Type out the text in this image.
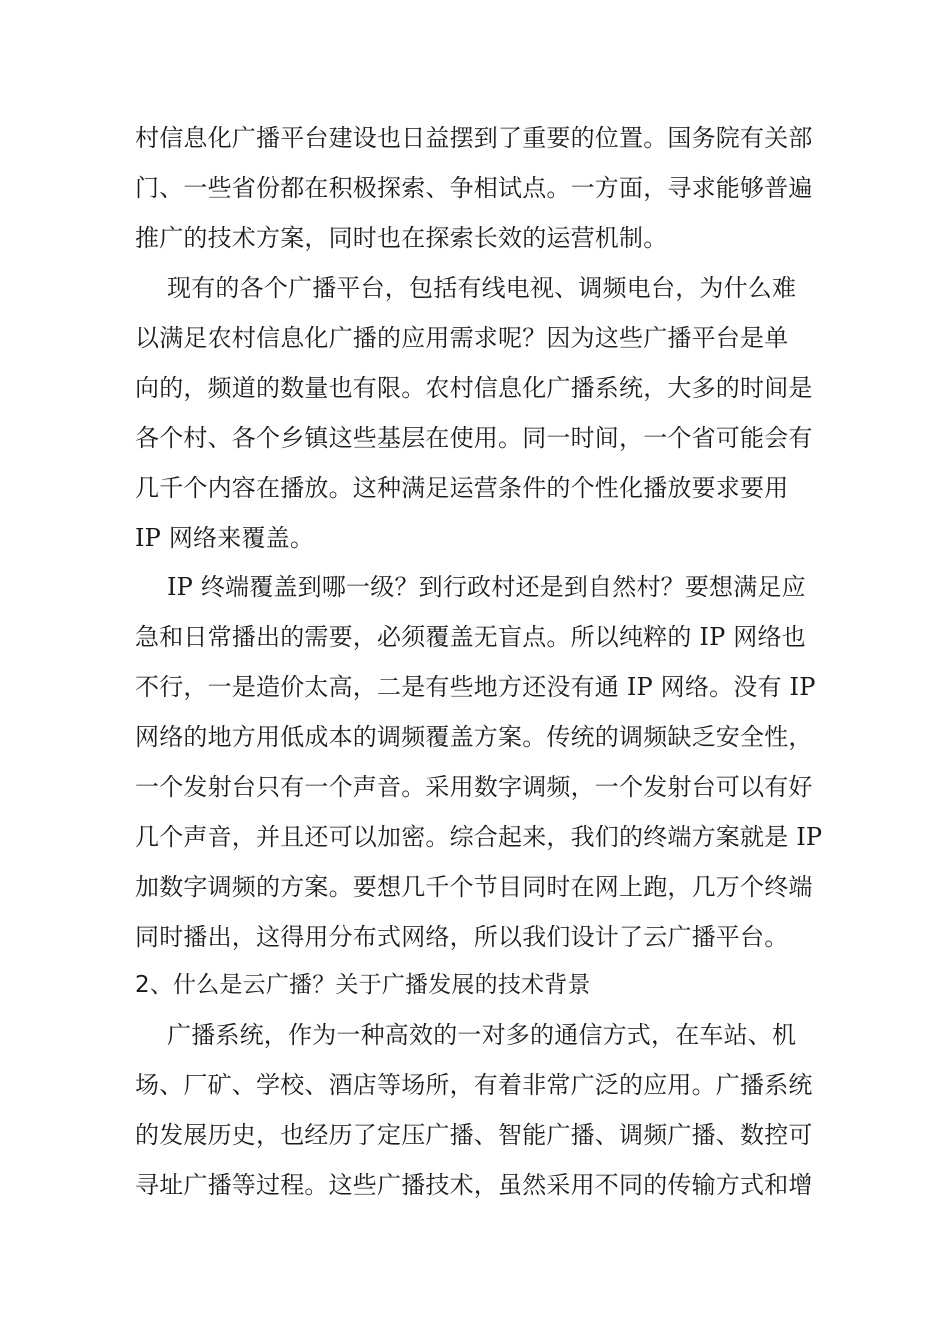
村信息化广播平台建设也日益摆到了重要的位置。国务院有关部
门、一些省份都在积极探索、争相试点。一方面，寻求能够普遍
推广的技术方案，同时也在探索长效的运营机制。
现有的各个广播平台，包括有线电视、调频电台，为什么难
以满足农村信息化广播的应用需求呢？因为这些广播平台是单
向的，频道的数量也有限。农村信息化广播系统，大多的时间是
各个村、各个乡镇这些基层在使用。同一时间，一个省可能会有
几千个内容在播放。这种满足运营条件的个性化播放要求要用
IP 网络来覆盖。
IP 终端覆盖到哪一级？到行政村还是到自然村？要想满足应
急和日常播出的需要，必须覆盖无盲点。所以纯粹的 IP 网络也
不行，一是造价太高，二是有些地方还没有通 IP 网络。没有 IP
网络的地方用低成本的调频覆盖方案。传统的调频缺乏安全性，
一个发射台只有一个声音。采用数字调频，一个发射台可以有好
几个声音，并且还可以加密。综合起来，我们的终端方案就是 IP
加数字调频的方案。要想几千个节目同时在网上跑，几万个终端
同时播出，这得用分布式网络，所以我们设计了云广播平台。
2、什么是云广播？关于广播发展的技术背景
广播系统，作为一种高效的一对多的通信方式，在车站、机
场、厂矿、学校、酒店等场所，有着非常广泛的应用。广播系统
的发展历史，也经历了定压广播、智能广播、调频广播、数控可
寻址广播等过程。这些广播技术，虽然采用不同的传输方式和增
